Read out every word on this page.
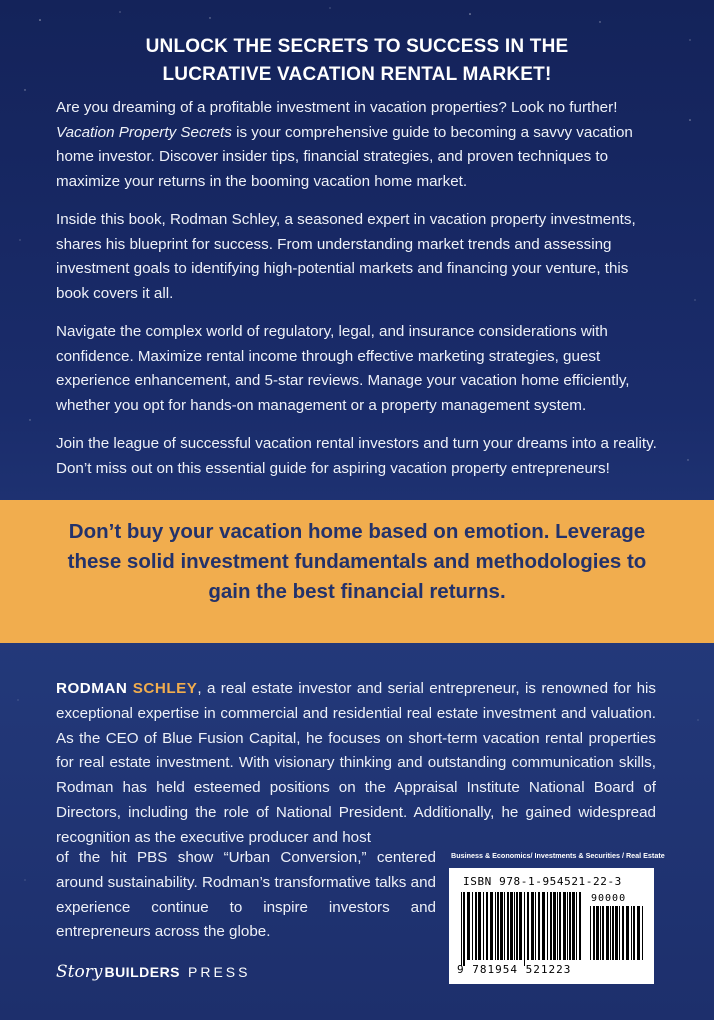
UNLOCK THE SECRETS TO SUCCESS IN THE
LUCRATIVE VACATION RENTAL MARKET!

Are you dreaming of a profitable investment in vacation properties? Look no further! Vacation Property Secrets is your comprehensive guide to becoming a savvy vacation home investor. Discover insider tips, financial strategies, and proven techniques to maximize your returns in the booming vacation home market.

Inside this book, Rodman Schley, a seasoned expert in vacation property investments, shares his blueprint for success. From understanding market trends and assessing investment goals to identifying high-potential markets and financing your venture, this book covers it all.

Navigate the complex world of regulatory, legal, and insurance considerations with confidence. Maximize rental income through effective marketing strategies, guest experience enhancement, and 5-star reviews. Manage your vacation home efficiently, whether you opt for hands-on management or a property management system.

Join the league of successful vacation rental investors and turn your dreams into a reality. Don’t miss out on this essential guide for aspiring vacation property entrepreneurs!

Don’t buy your vacation home based on emotion. Leverage these solid investment fundamentals and methodologies to gain the best financial returns.
RODMAN SCHLEY, a real estate investor and serial entrepreneur, is renowned for his exceptional expertise in commercial and residential real estate investment and valuation. As the CEO of Blue Fusion Capital, he focuses on short-term vacation rental properties for real estate investment. With visionary thinking and outstanding communication skills, Rodman has held esteemed positions on the Appraisal Institute National Board of Directors, including the role of National President. Additionally, he gained widespread recognition as the executive producer and host
of the hit PBS show “Urban Conversion,” centered around sustainability. Rodman’s transformative talks and experience continue to inspire investors and entrepreneurs across the globe.
Business & Economics/ Investments & Securities / Real Estate
ISBN 978-1-954521-22-3
90000
9 781954 521223
Story BUILDERS PRESS
